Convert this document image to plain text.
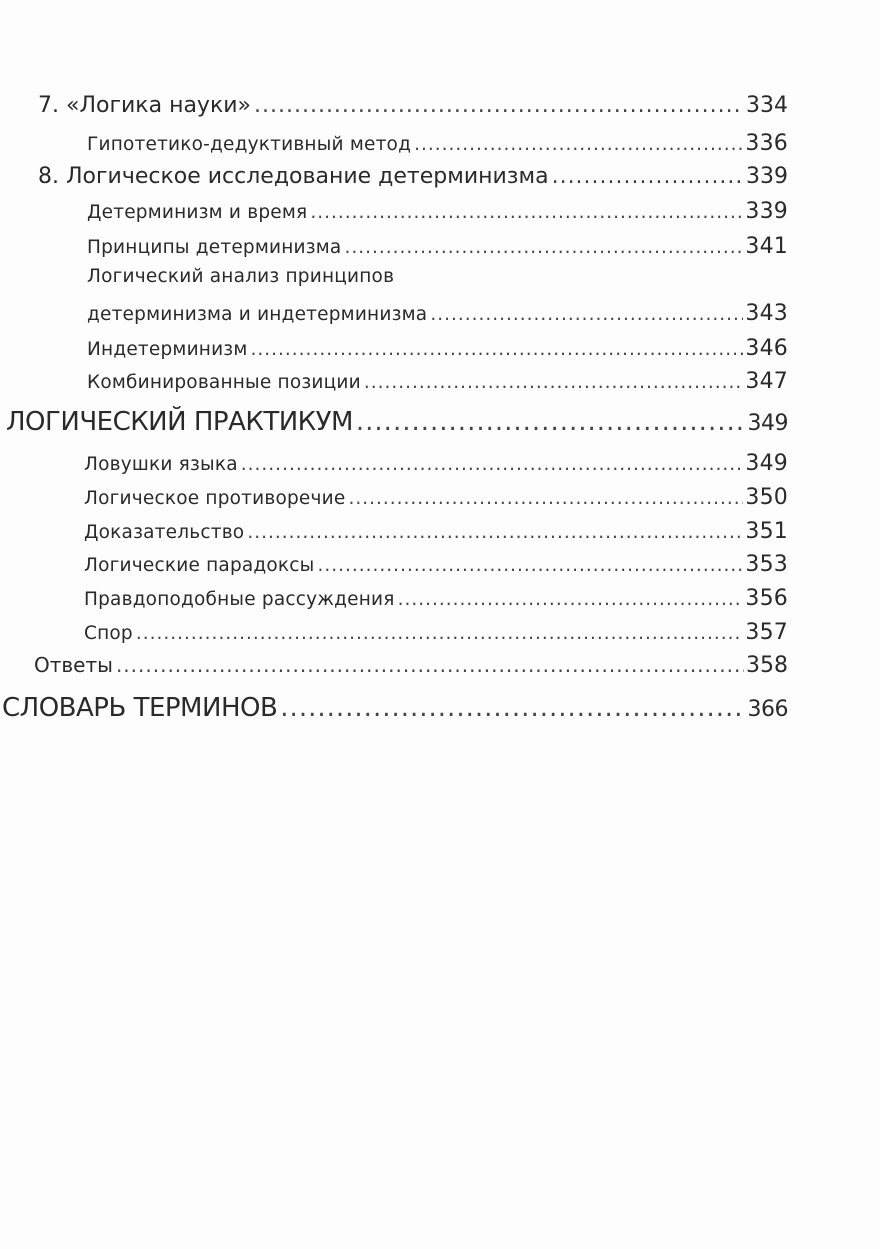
7. «Логика науки» .....	334
Гипотетико-дедуктивный метод .....	336
8. Логическое исследование детерминизма .....	339
Детерминизм и время .....	339
Принципы детерминизма .....	341
Логический анализ принципов
детерминизма и индетерминизма .....	343
Индетерминизм .....	346
Комбинированные позиции .....	347
ЛОГИЧЕСКИЙ ПРАКТИКУМ .....	349
Ловушки языка .....	349
Логическое противоречие .....	350
Доказательство .....	351
Логические парадоксы .....	353
Правдоподобные рассуждения .....	356
Спор .....	357
Ответы .....	358
СЛОВАРЬ ТЕРМИНОВ .....	366
